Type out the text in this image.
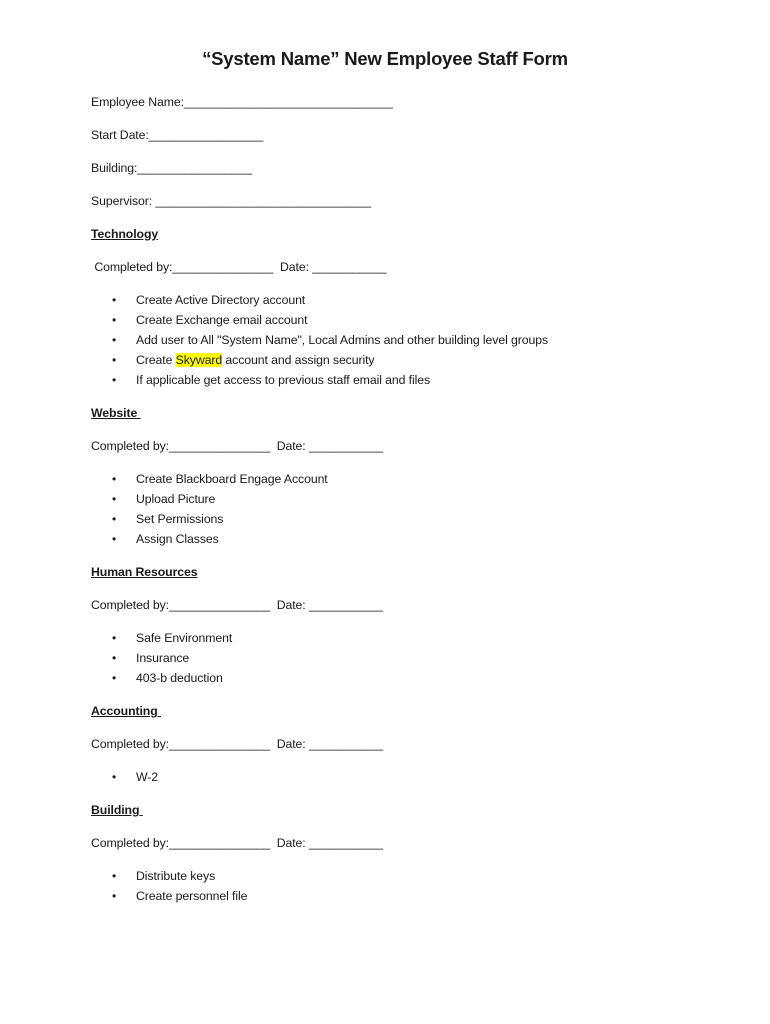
“System Name” New Employee Staff Form
Employee Name:_______________________________
Start Date:_________________
Building:_________________
Supervisor: ________________________________
Technology
Completed by:_______________  Date: ___________
• Create Active Directory account
• Create Exchange email account
• Add user to All "System Name", Local Admins and other building level groups
• Create Skyward account and assign security
• If applicable get access to previous staff email and files
Website
Completed by:_______________  Date: ___________
• Create Blackboard Engage Account
• Upload Picture
• Set Permissions
• Assign Classes
Human Resources
Completed by:_______________  Date: ___________
• Safe Environment
• Insurance
• 403-b deduction
Accounting
Completed by:_______________  Date: ___________
• W-2
Building
Completed by:_______________  Date: ___________
• Distribute keys
• Create personnel file
